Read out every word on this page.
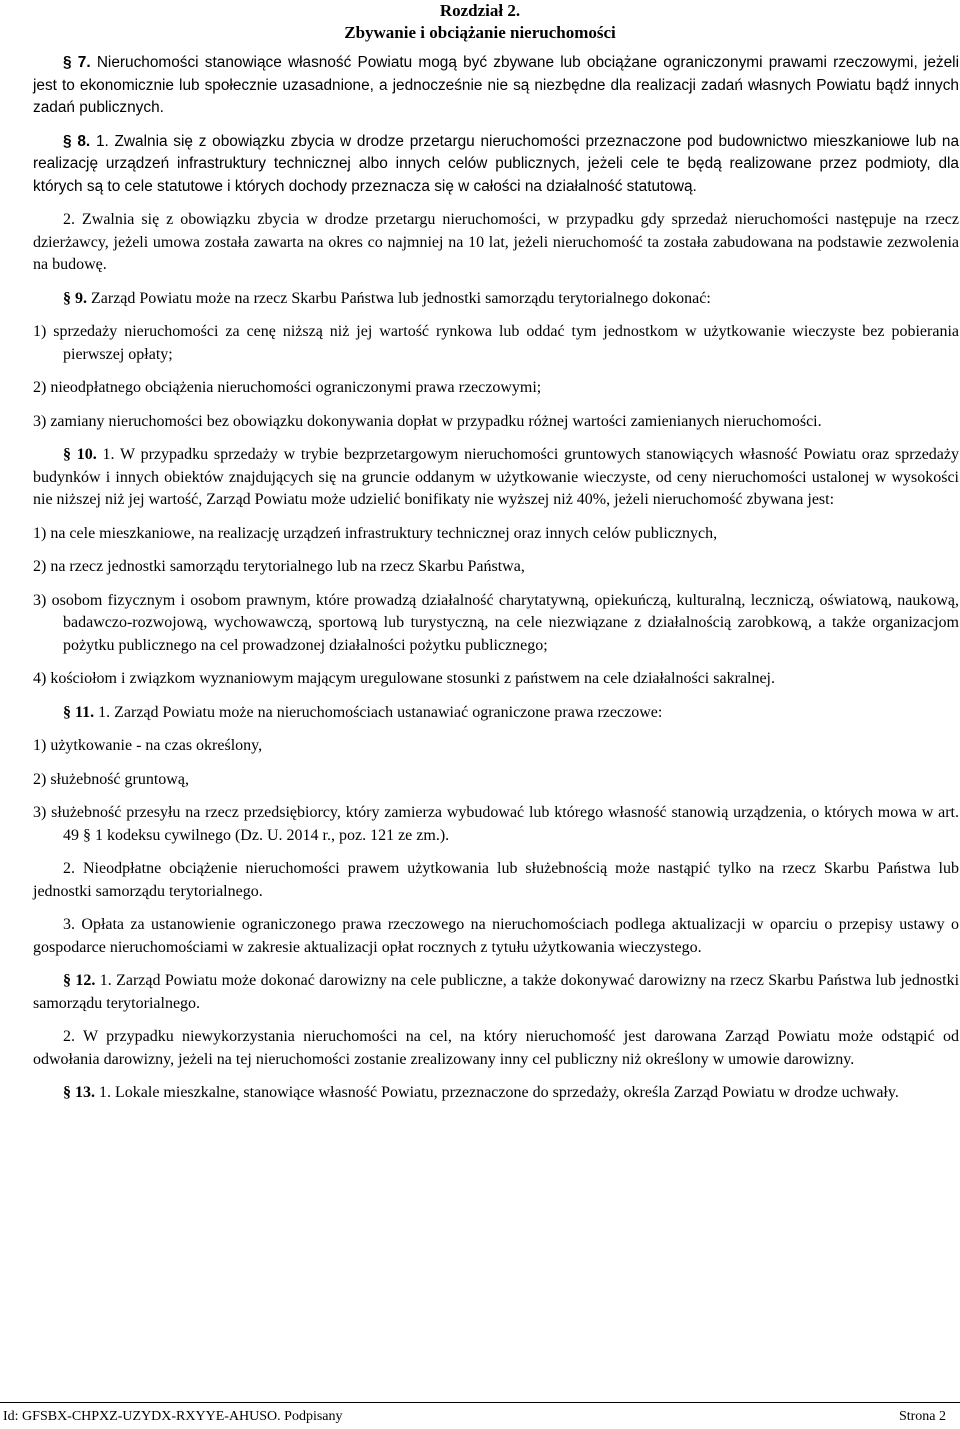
Rozdział 2.
Zbywanie i obciążanie nieruchomości

§ 7. Nieruchomości stanowiące własność Powiatu mogą być zbywane lub obciążane ograniczonymi prawami rzeczowymi, jeżeli jest to ekonomicznie lub społecznie uzasadnione, a jednocześnie nie są niezbędne dla realizacji zadań własnych Powiatu bądź innych zadań publicznych.

§ 8. 1. Zwalnia się z obowiązku zbycia w drodze przetargu nieruchomości przeznaczone pod budownictwo mieszkaniowe lub na realizację urządzeń infrastruktury technicznej albo innych celów publicznych, jeżeli cele te będą realizowane przez podmioty, dla których są to cele statutowe i których dochody przeznacza się w całości na działalność statutową.

2. Zwalnia się z obowiązku zbycia w drodze przetargu nieruchomości, w przypadku gdy sprzedaż nieruchomości następuje na rzecz dzierżawcy, jeżeli umowa została zawarta na okres co najmniej na 10 lat, jeżeli nieruchomość ta została zabudowana na podstawie zezwolenia na budowę.

§ 9. Zarząd Powiatu może na rzecz Skarbu Państwa lub jednostki samorządu terytorialnego dokonać:

1) sprzedaży nieruchomości za cenę niższą niż jej wartość rynkowa lub oddać tym jednostkom w użytkowanie wieczyste bez pobierania pierwszej opłaty;

2) nieodpłatnego obciążenia nieruchomości ograniczonymi prawa rzeczowymi;

3) zamiany nieruchomości bez obowiązku dokonywania dopłat w przypadku różnej wartości zamienianych nieruchomości.

§ 10. 1. W przypadku sprzedaży w trybie bezprzetargowym nieruchomości gruntowych stanowiących własność Powiatu oraz sprzedaży budynków i innych obiektów znajdujących się na gruncie oddanym w użytkowanie wieczyste, od ceny nieruchomości ustalonej w wysokości nie niższej niż jej wartość, Zarząd Powiatu może udzielić bonifikaty nie wyższej niż 40%, jeżeli nieruchomość zbywana jest:

1) na cele mieszkaniowe, na realizację urządzeń infrastruktury technicznej oraz innych celów publicznych,

2) na rzecz jednostki samorządu terytorialnego lub na rzecz Skarbu Państwa,

3) osobom fizycznym i osobom prawnym, które prowadzą działalność charytatywną, opiekuńczą, kulturalną, leczniczą, oświatową, naukową, badawczo-rozwojową, wychowawczą, sportową lub turystyczną, na cele niezwiązane z działalnością zarobkową, a także organizacjom pożytku publicznego na cel prowadzonej działalności pożytku publicznego;

4) kościołom i związkom wyznaniowym mającym uregulowane stosunki z państwem na cele działalności sakralnej.

§ 11. 1. Zarząd Powiatu może na nieruchomościach ustanawiać ograniczone prawa rzeczowe:

1) użytkowanie - na czas określony,

2) służebność gruntową,

3) służebność przesyłu na rzecz przedsiębiorcy, który zamierza wybudować lub którego własność stanowią urządzenia, o których mowa w art. 49 § 1 kodeksu cywilnego (Dz. U. 2014 r., poz. 121 ze zm.).

2. Nieodpłatne obciążenie nieruchomości prawem użytkowania lub służebnością może nastąpić tylko na rzecz Skarbu Państwa lub jednostki samorządu terytorialnego.

3. Opłata za ustanowienie ograniczonego prawa rzeczowego na nieruchomościach podlega aktualizacji w oparciu o przepisy ustawy o gospodarce nieruchomościami w zakresie aktualizacji opłat rocznych z tytułu użytkowania wieczystego.

§ 12. 1. Zarząd Powiatu może dokonać darowizny na cele publiczne, a także dokonywać darowizny na rzecz Skarbu Państwa lub jednostki samorządu terytorialnego.

2. W przypadku niewykorzystania nieruchomości na cel, na który nieruchomość jest darowana Zarząd Powiatu może odstąpić od odwołania darowizny, jeżeli na tej nieruchomości zostanie zrealizowany inny cel publiczny niż określony w umowie darowizny.

§ 13. 1. Lokale mieszkalne, stanowiące własność Powiatu, przeznaczone do sprzedaży, określa Zarząd Powiatu w drodze uchwały.

Id: GFSBX-CHPXZ-UZYDX-RXYYE-AHUSO. Podpisany	Strona 2
